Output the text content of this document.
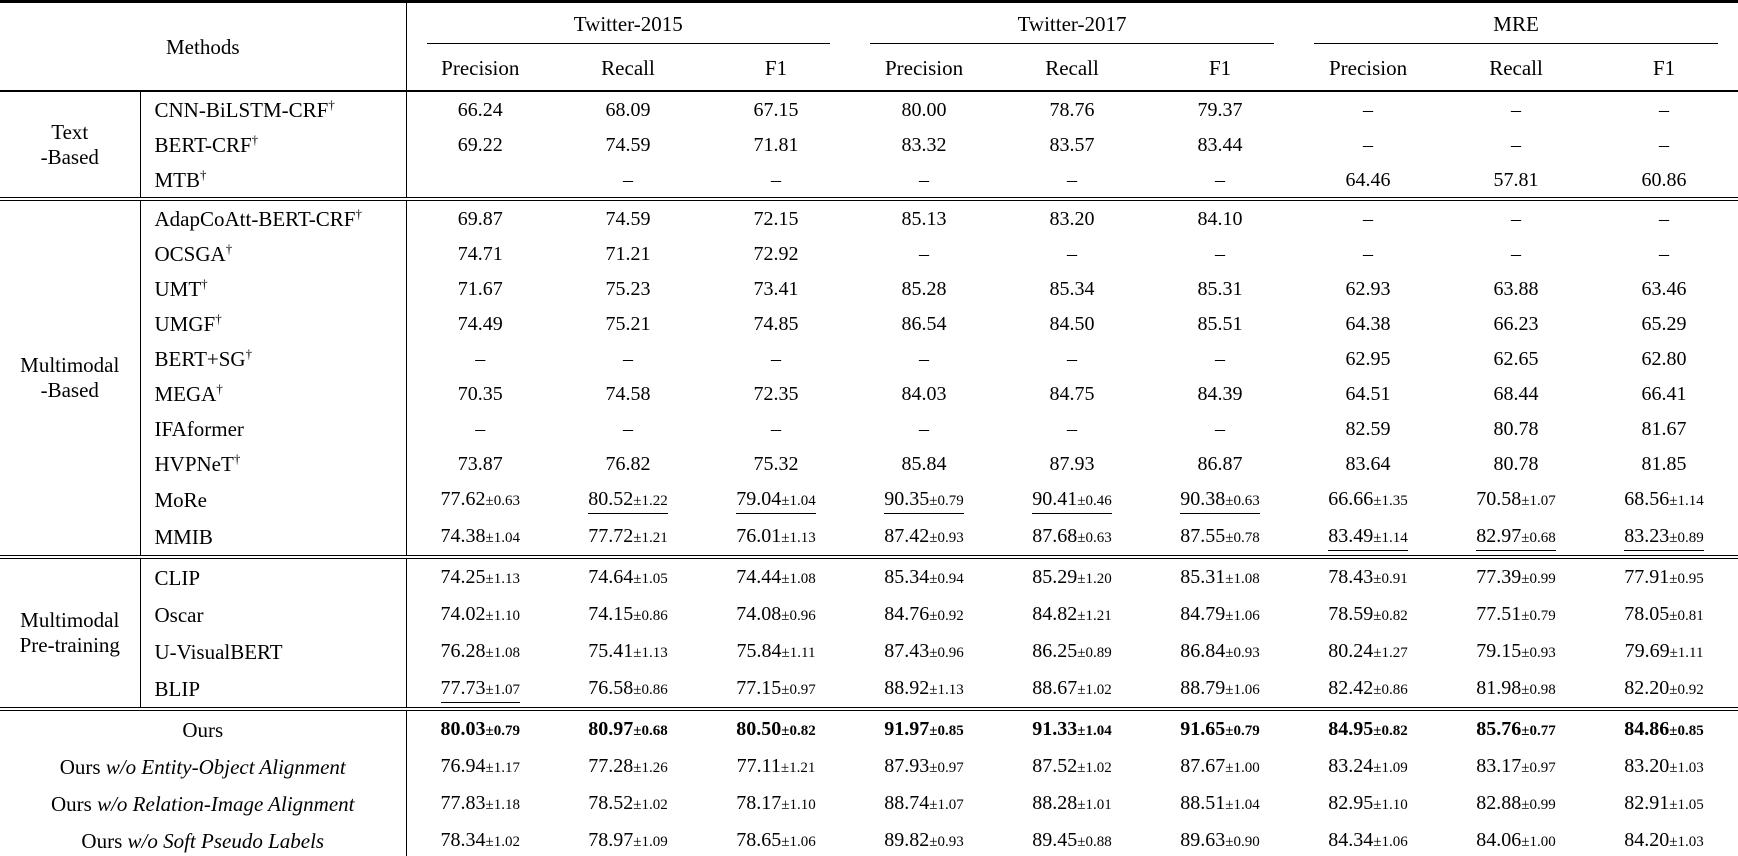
Methods		Twitter-2015			Twitter-2017			MRE		

		Precision	Recall	F1	Precision	Recall	F1	Precision	Recall	F1
Text
-Based	CNN-BiLSTM-CRF†	66.24	68.09	67.15	80.00	78.76	79.37	–	–	–
	BERT-CRF†	69.22	74.59	71.81	83.32	83.57	83.44	–	–	–
	MTB†		–	–	–	–	–	64.46	57.81	60.86
Multimodal
-Based	AdapCoAtt-BERT-CRF†	69.87	74.59	72.15	85.13	83.20	84.10	–	–	–
	OCSGA†	74.71	71.21	72.92	–	–	–	–	–	–
	UMT†	71.67	75.23	73.41	85.28	85.34	85.31	62.93	63.88	63.46
	UMGF†	74.49	75.21	74.85	86.54	84.50	85.51	64.38	66.23	65.29
	BERT+SG†	–	–	–	–	–	–	62.95	62.65	62.80
	MEGA†	70.35	74.58	72.35	84.03	84.75	84.39	64.51	68.44	66.41
	IFAformer	–	–	–	–	–	–	82.59	80.78	81.67
	HVPNeT†	73.87	76.82	75.32	85.84	87.93	86.87	83.64	80.78	81.85
	MoRe	77.62±0.63	80.52±1.22	79.04±1.04	90.35±0.79	90.41±0.46	90.38±0.63	66.66±1.35	70.58±1.07	68.56±1.14
	MMIB	74.38±1.04	77.72±1.21	76.01±1.13	87.42±0.93	87.68±0.63	87.55±0.78	83.49±1.14	82.97±0.68	83.23±0.89
Multimodal
Pre-training	CLIP	74.25±1.13	74.64±1.05	74.44±1.08	85.34±0.94	85.29±1.20	85.31±1.08	78.43±0.91	77.39±0.99	77.91±0.95
	Oscar	74.02±1.10	74.15±0.86	74.08±0.96	84.76±0.92	84.82±1.21	84.79±1.06	78.59±0.82	77.51±0.79	78.05±0.81
	U-VisualBERT	76.28±1.08	75.41±1.13	75.84±1.11	87.43±0.96	86.25±0.89	86.84±0.93	80.24±1.27	79.15±0.93	79.69±1.11
	BLIP	77.73±1.07	76.58±0.86	77.15±0.97	88.92±1.13	88.67±1.02	88.79±1.06	82.42±0.86	81.98±0.98	82.20±0.92
Ours		80.03±0.79	80.97±0.68	80.50±0.82	91.97±0.85	91.33±1.04	91.65±0.79	84.95±0.82	85.76±0.77	84.86±0.85
Ours w/o Entity-Object Alignment		76.94±1.17	77.28±1.26	77.11±1.21	87.93±0.97	87.52±1.02	87.67±1.00	83.24±1.09	83.17±0.97	83.20±1.03
Ours w/o Relation-Image Alignment		77.83±1.18	78.52±1.02	78.17±1.10	88.74±1.07	88.28±1.01	88.51±1.04	82.95±1.10	82.88±0.99	82.91±1.05
Ours w/o Soft Pseudo Labels		78.34±1.02	78.97±1.09	78.65±1.06	89.82±0.93	89.45±0.88	89.63±0.90	84.34±1.06	84.06±1.00	84.20±1.03
